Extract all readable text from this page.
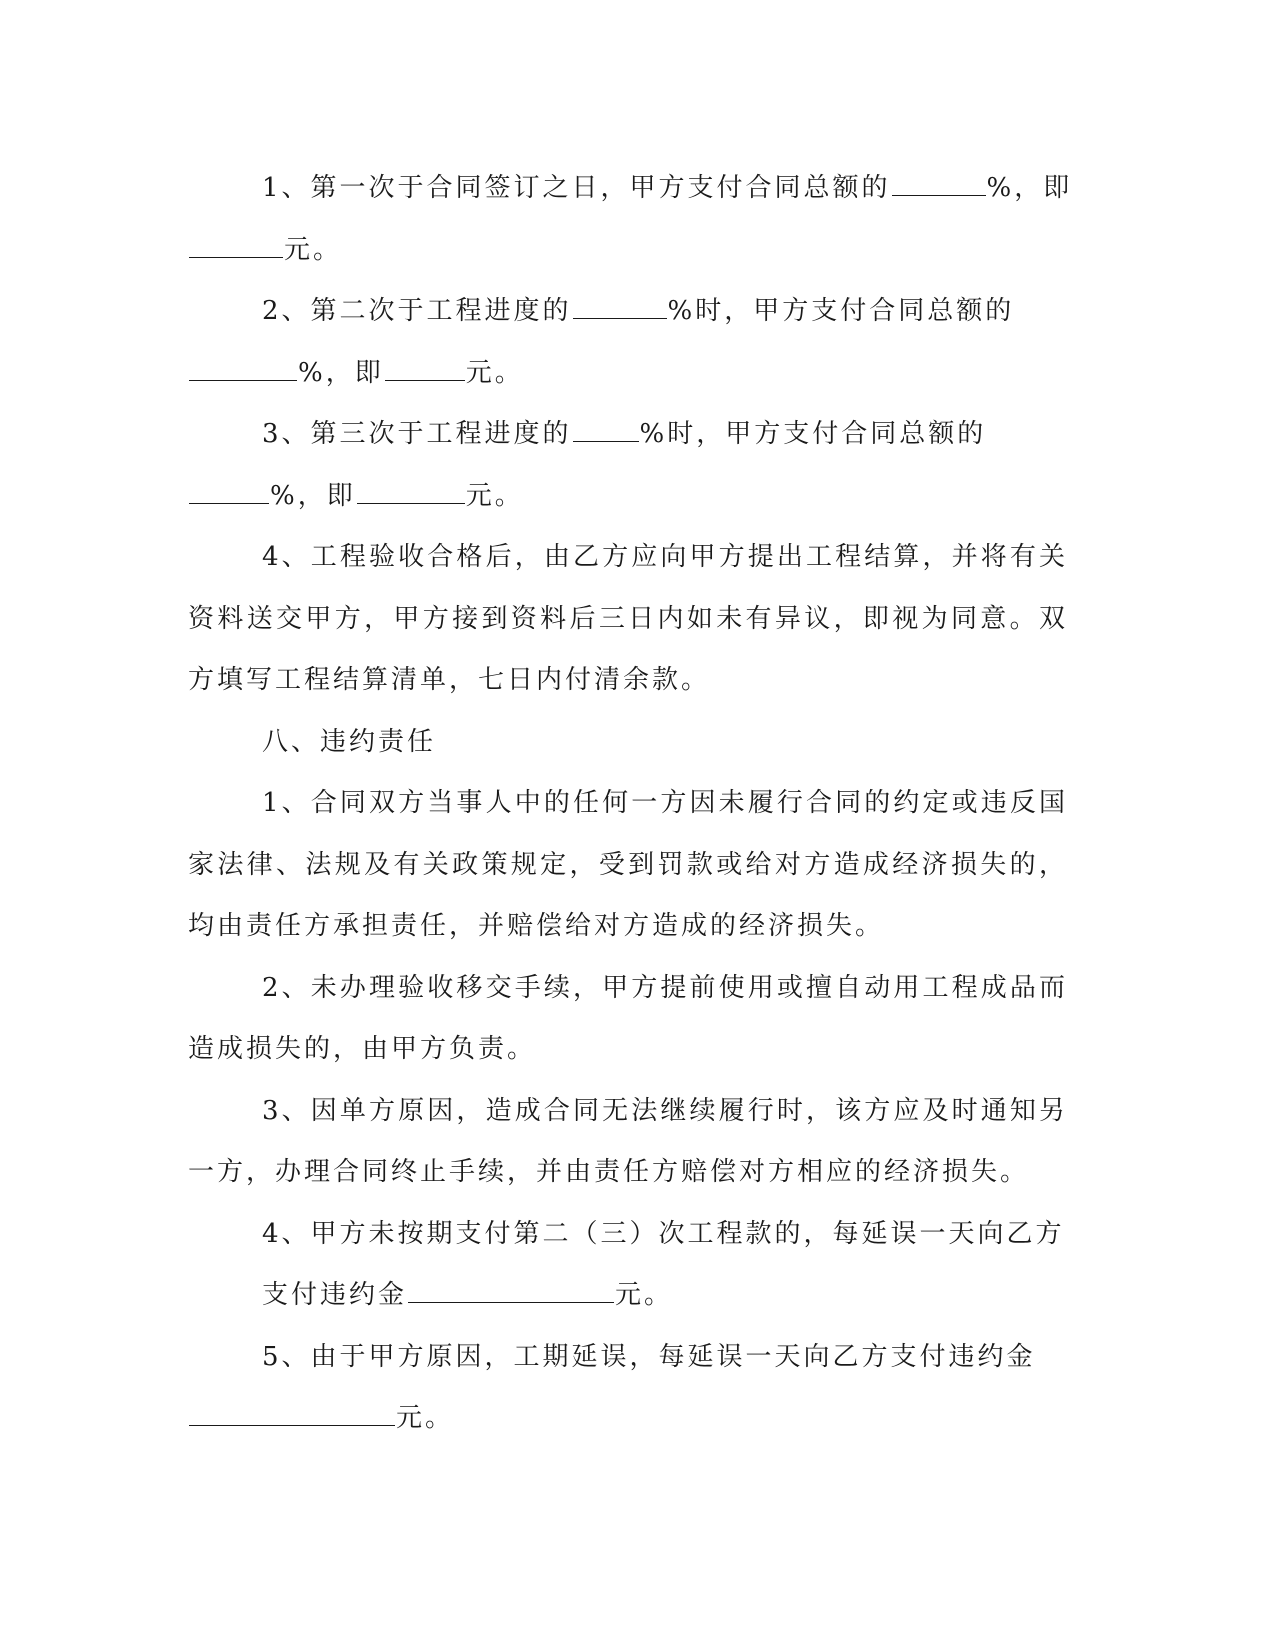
1、第一次于合同签订之日，甲方支付合同总额的	%，即
元。
2、第二次于工程进度的	%时，甲方支付合同总额的
%，即	元。
3、第三次于工程进度的	%时，甲方支付合同总额的
%，即	元。

4、工程验收合格后，由乙方应向甲方提出工程结算，并将有关资料送交甲方，甲方接到资料后三日内如未有异议，即视为同意。双方填写工程结算清单，七日内付清余款。

八、违约责任

1、合同双方当事人中的任何一方因未履行合同的约定或违反国家法律、法规及有关政策规定，受到罚款或给对方造成经济损失的，均由责任方承担责任，并赔偿给对方造成的经济损失。

2、未办理验收移交手续，甲方提前使用或擅自动用工程成品而造成损失的，由甲方负责。

3、因单方原因，造成合同无法继续履行时，该方应及时通知另一方，办理合同终止手续，并由责任方赔偿对方相应的经济损失。

4、甲方未按期支付第二（三）次工程款的，每延误一天向乙方支付违约金	元。
5、由于甲方原因，工期延误，每延误一天向乙方支付违约金
元。
